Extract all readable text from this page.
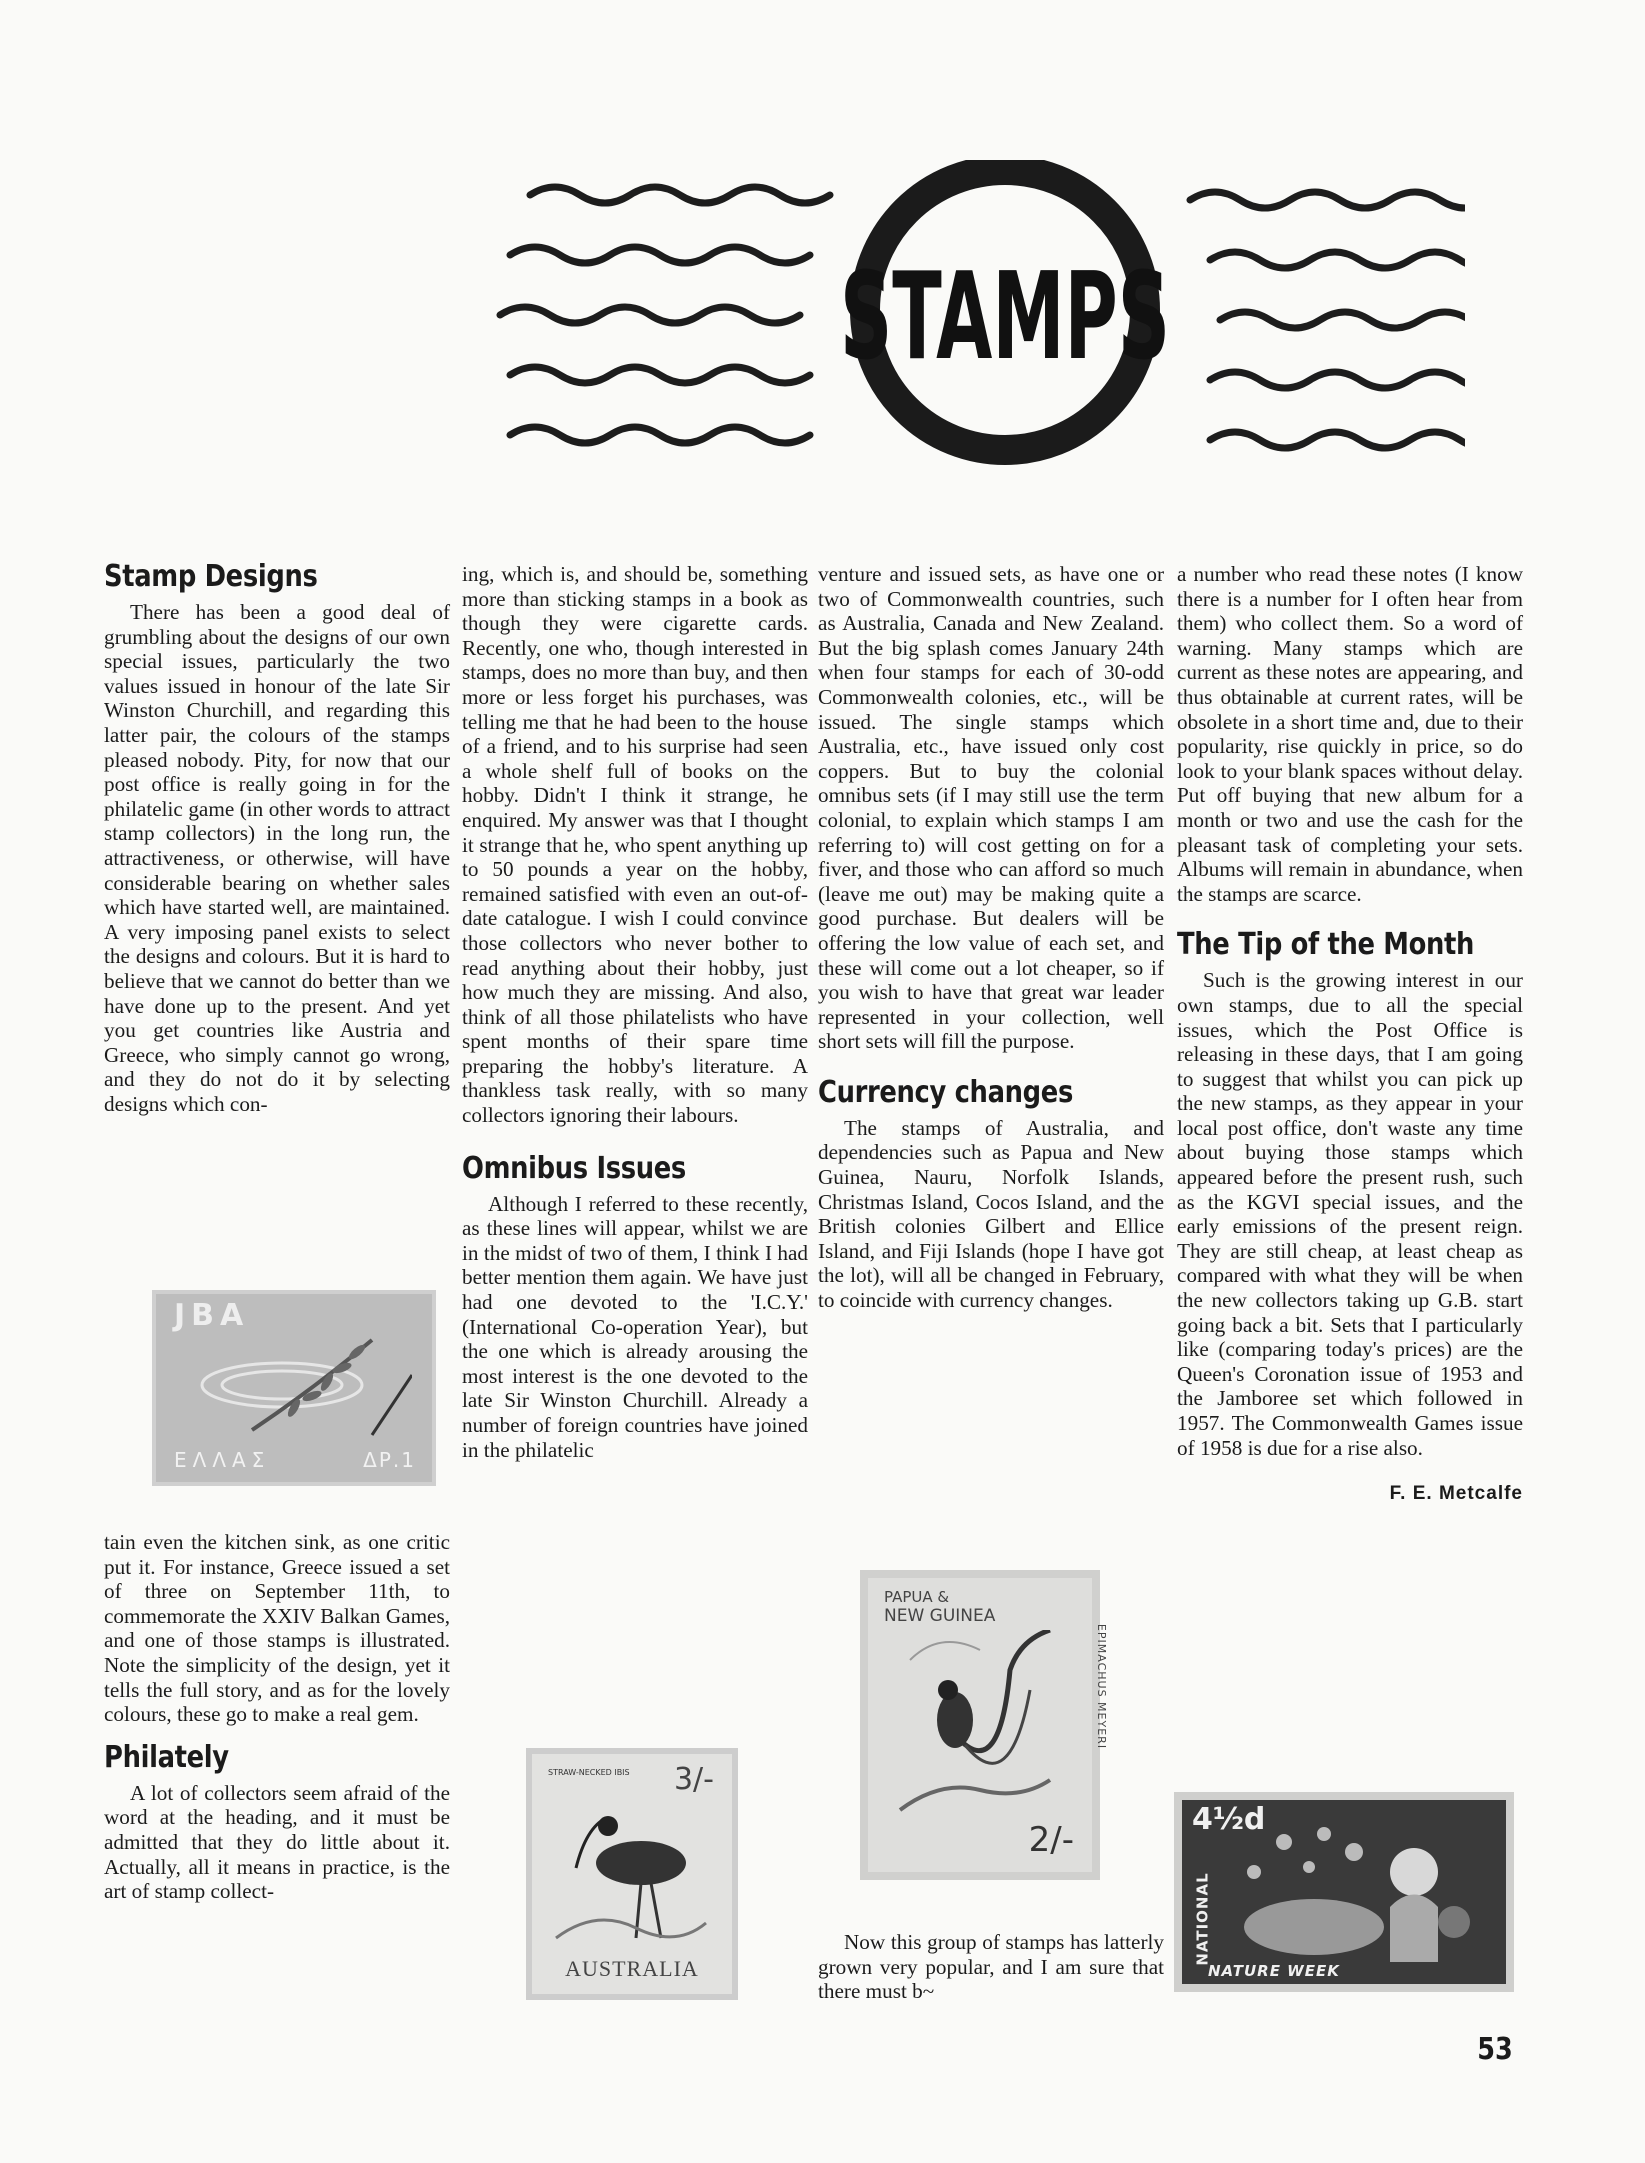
STAMPS
Stamp Designs

There has been a good deal of grumbling about the designs of our own special issues, particularly the two values issued in honour of the late Sir Winston Churchill, and regarding this latter pair, the colours of the stamps pleased nobody. Pity, for now that our post office is really going in for the philatelic game (in other words to attract stamp collectors) in the long run, the attractiveness, or otherwise, will have considerable bearing on whether sales which have started well, are maintained. A very imposing panel exists to select the designs and colours. But it is hard to believe that we cannot do better than we have done up to the present. And yet you get countries like Austria and Greece, who simply cannot go wrong, and they do not do it by selecting designs which con-

JBA
ΕΛΛΑΣ	ΔΡ.1

tain even the kitchen sink, as one critic put it. For instance, Greece issued a set of three on September 11th, to commemorate the XXIV Balkan Games, and one of those stamps is illustrated. Note the simplicity of the design, yet it tells the full story, and as for the lovely colours, these go to make a real gem.

Philately

A lot of collectors seem afraid of the word at the heading, and it must be admitted that they do little about it. Actually, all it means in practice, is the art of stamp collect-

ing, which is, and should be, something more than sticking stamps in a book as though they were cigarette cards. Recently, one who, though interested in stamps, does no more than buy, and then more or less forget his purchases, was telling me that he had been to the house of a friend, and to his surprise had seen a whole shelf full of books on the hobby. Didn't I think it strange, he enquired. My answer was that I thought it strange that he, who spent anything up to 50 pounds a year on the hobby, remained satisfied with even an out-of-date catalogue. I wish I could convince those collectors who never bother to read anything about their hobby, just how much they are missing. And also, think of all those philatelists who have spent months of their spare time preparing the hobby's literature. A thankless task really, with so many collectors ignoring their labours.

Omnibus Issues

Although I referred to these recently, as these lines will appear, whilst we are in the midst of two of them, I think I had better mention them again. We have just had one devoted to the 'I.C.Y.' (International Co-operation Year), but the one which is already arousing the most interest is the one devoted to the late Sir Winston Churchill. Already a number of foreign countries have joined in the philatelic

STRAW-NECKED IBIS 3/-
AUSTRALIA

venture and issued sets, as have one or two of Commonwealth countries, such as Australia, Canada and New Zealand. But the big splash comes January 24th when four stamps for each of 30-odd Commonwealth colonies, etc., will be issued. The single stamps which Australia, etc., have issued only cost coppers. But to buy the colonial omnibus sets (if I may still use the term colonial, to explain which stamps I am referring to) will cost getting on for a fiver, and those who can afford so much (leave me out) may be making quite a good purchase. But dealers will be offering the low value of each set, and these will come out a lot cheaper, so if you wish to have that great war leader represented in your collection, well short sets will fill the purpose.

Currency changes

The stamps of Australia, and dependencies such as Papua and New Guinea, Nauru, Norfolk Islands, Christmas Island, Cocos Island, and the British colonies Gilbert and Ellice Island, and Fiji Islands (hope I have got the lot), will all be changed in February, to coincide with currency changes.

PAPUA &
NEW GUINEA
EPIMACHUS MEYERI
2/-

Now this group of stamps has latterly grown very popular, and I am sure that there must b~

a number who read these notes (I know there is a number for I often hear from them) who collect them. So a word of warning. Many stamps which are current as these notes are appearing, and thus obtainable at current rates, will be obsolete in a short time and, due to their popularity, rise quickly in price, so do look to your blank spaces without delay. Put off buying that new album for a month or two and use the cash for the pleasant task of completing your sets. Albums will remain in abundance, when the stamps are scarce.

The Tip of the Month

Such is the growing interest in our own stamps, due to all the special issues, which the Post Office is releasing in these days, that I am going to suggest that whilst you can pick up the new stamps, as they appear in your local post office, don't waste any time about buying those stamps which appeared before the present rush, such as the KGVI special issues, and the early emissions of the present reign. They are still cheap, at least cheap as compared with what they will be when the new collectors taking up G.B. start going back a bit. Sets that I particularly like (comparing today's prices) are the Queen's Coronation issue of 1953 and the Jamboree set which followed in 1957. The Commonwealth Games issue of 1958 is due for a rise also.

F. E. Metcalfe
4½d
NATIONAL
NATURE WEEK
53
